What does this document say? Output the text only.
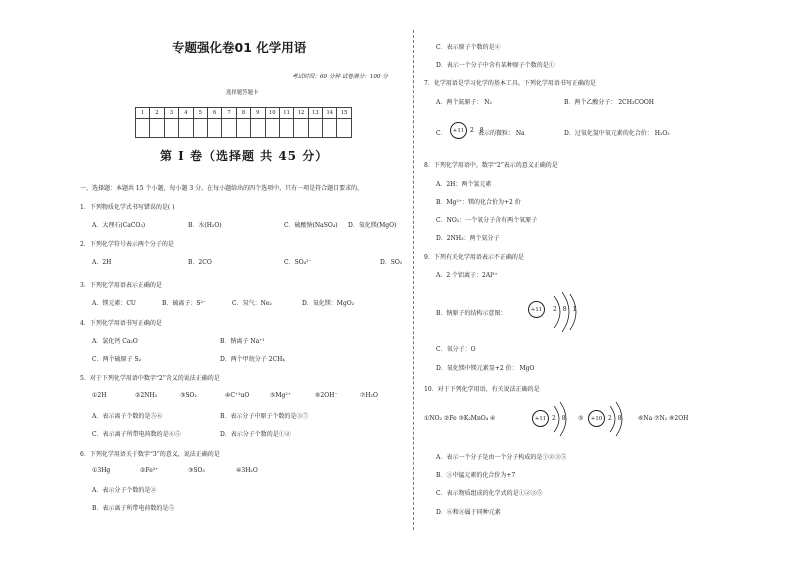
专题强化卷01 化学用语
考试时间：60 分钟 试卷满分：100 分
选择题答题卡
1	2	3	4	5	6	7	8	9	10	11	12	13	14	15

第 I 卷（选择题 共 45 分）
一、选择题：本题共 15 个小题，每小题 3 分。在每小题给出的四个选项中，只有一项是符合题目要求的。
1．下列物质化学式书写错误的是( )
A．大理石(CaCO₃)	B．水(H₂O)	C．硫酸钠(NaSO₄) D．氧化镁(MgO)
2．下列化学符号表示两个分子的是
A．2H	B．2CO	C．SO₄²⁻	D．SO₂
3．下列化学用语表示正确的是
A．镁元素：CU	B．硫离子：S²⁻	C．氖气：Ne₂	D．氧化镁：MgO₂
4．下列化学用语书写正确的是
A．氯化钙 Ca₂O	B．钠离子 Na⁺¹
C．两个硫原子 S₂	D．两个甲烷分子 2CH₄
5．对于下列化学用语中数字“2”含义的说法正确的是
①2H	②2NH₃	③SO₂	④C⁺²uO	⑤Mg²⁺	⑥2OH⁻	⑦H₂O
A．表示离子个数的是⑤⑥	B．表示分子中原子个数的是③⑦
C．表示离子所带电荷数的是④⑤	D．表示分子个数的是①②
6．下列化学用语关于数字“3”的意义，说法正确的是
①3Hg	②Fe³⁺	③SO₃	④3H₂O
A．表示分子个数的是②
B．表示离子所带电荷数的是⑤
C．表示原子个数的是④
D．表示一个分子中含有某种原子个数的是①
7．化学用语是学习化学的基本工具。下列化学用语书写正确的是
A．两个氮原子： N₂	B．两个乙酸分子： 2CH₃COOH
表示的微粒： Na	D．过氧化氢中氧元素的化合价： H₂O₂
8．下列化学用语中，数字“2”表示的意义正确的是
A．2H：两个氢元素
B．Mg²⁺：镁的化合价为+2 价
C．NO₂：一个氧分子含有两个氧原子
D．2NH₃：两个氨分子
9．下列有关化学用语表示不正确的是
A．2 个铝离子：2Al³⁺
B．钠原子的结构示意图：
C．氧分子：O
D．氧化镁中镁元素显+2 价： MgO
10．对于下列化学用语，有关说法正确的是
A．表示一个分子是由一个分子构成的是①②③⑤
B．③中锰元素的化合价为+7
C．表示物质组成的化学式的是①②③⑤
D．⑥和⑧属于同种元素
C．	+11 2 8
+11	2 8 1
①NO₂ ②Fe ③K₂MnO₄ ④	+11 2 8 ⑤	+10 2 8 ⑥Na ⑦N₂ ⑧2OH
